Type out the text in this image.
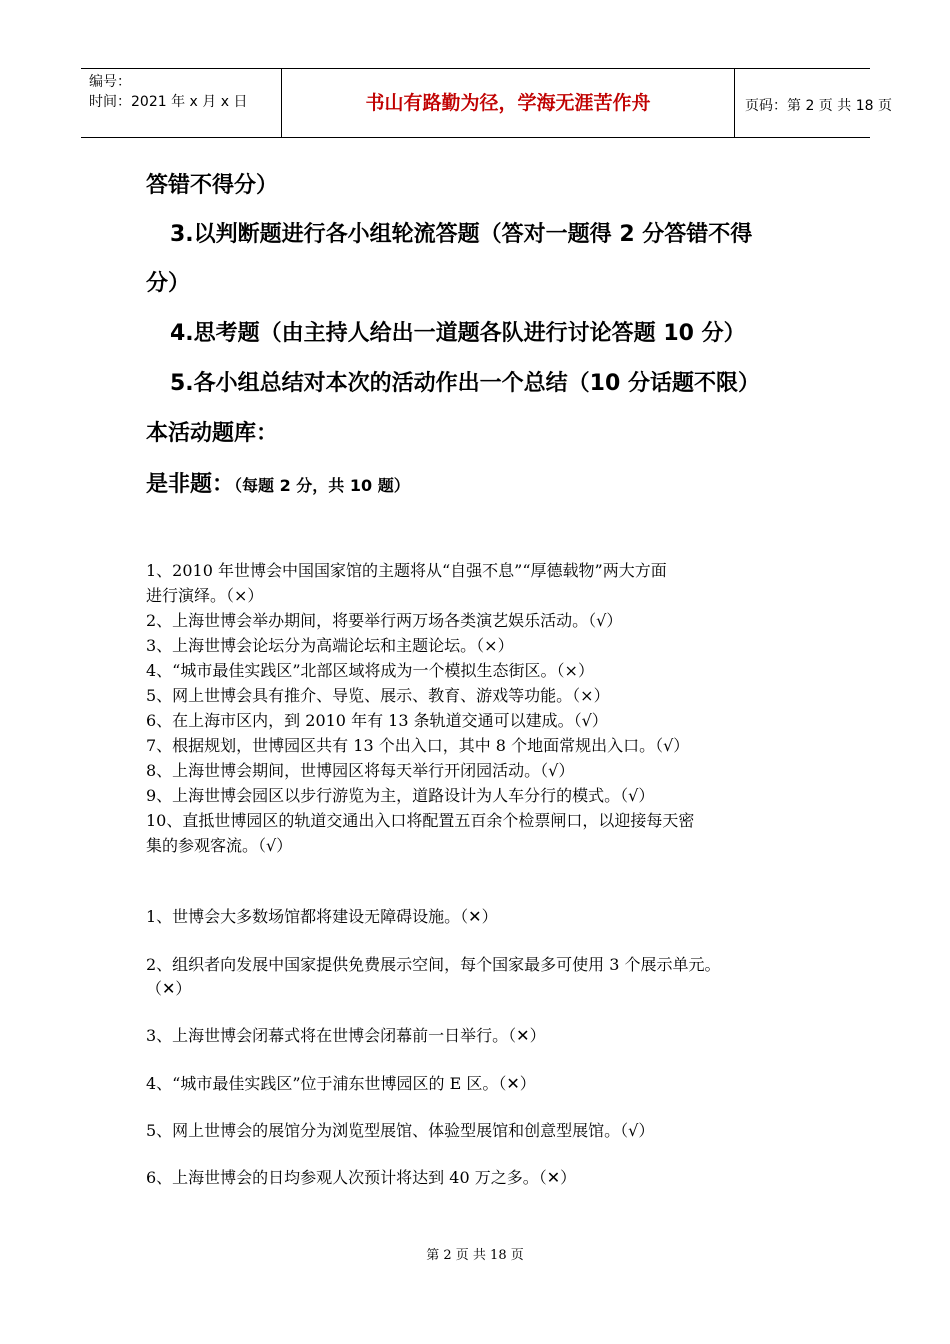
编号：
时间：2021 年 x 月 x 日	书山有路勤为径，学海无涯苦作舟	页码：第 2 页 共 18 页
答错不得分）
3.以判断题进行各小组轮流答题（答对一题得 2 分答错不得
分）
4.思考题（由主持人给出一道题各队进行讨论答题 10 分）
5.各小组总结对本次的活动作出一个总结（10 分话题不限）
本活动题库：
是非题：（每题 2 分，共 10 题）
1、2010 年世博会中国国家馆的主题将从“自强不息”“厚德载物”两大方面
进行演绎。（×）
2、上海世博会举办期间，将要举行两万场各类演艺娱乐活动。（√）
3、上海世博会论坛分为高端论坛和主题论坛。（×）
4、“城市最佳实践区”北部区域将成为一个模拟生态街区。（×）
5、网上世博会具有推介、导览、展示、教育、游戏等功能。（×）
6、在上海市区内，到 2010 年有 13 条轨道交通可以建成。（√）
7、根据规划，世博园区共有 13 个出入口，其中 8 个地面常规出入口。（√）
8、上海世博会期间，世博园区将每天举行开闭园活动。（√）
9、上海世博会园区以步行游览为主，道路设计为人车分行的模式。（√）
10、直抵世博园区的轨道交通出入口将配置五百余个检票闸口，以迎接每天密
集的参观客流。（√）
1、世博会大多数场馆都将建设无障碍设施。（✕）
2、组织者向发展中国家提供免费展示空间，每个国家最多可使用 3 个展示单元。
（✕）
3、上海世博会闭幕式将在世博会闭幕前一日举行。（✕）
4、“城市最佳实践区”位于浦东世博园区的 E 区。（✕）
5、网上世博会的展馆分为浏览型展馆、体验型展馆和创意型展馆。（√）
6、上海世博会的日均参观人次预计将达到 40 万之多。（✕）
第 2 页 共 18 页
